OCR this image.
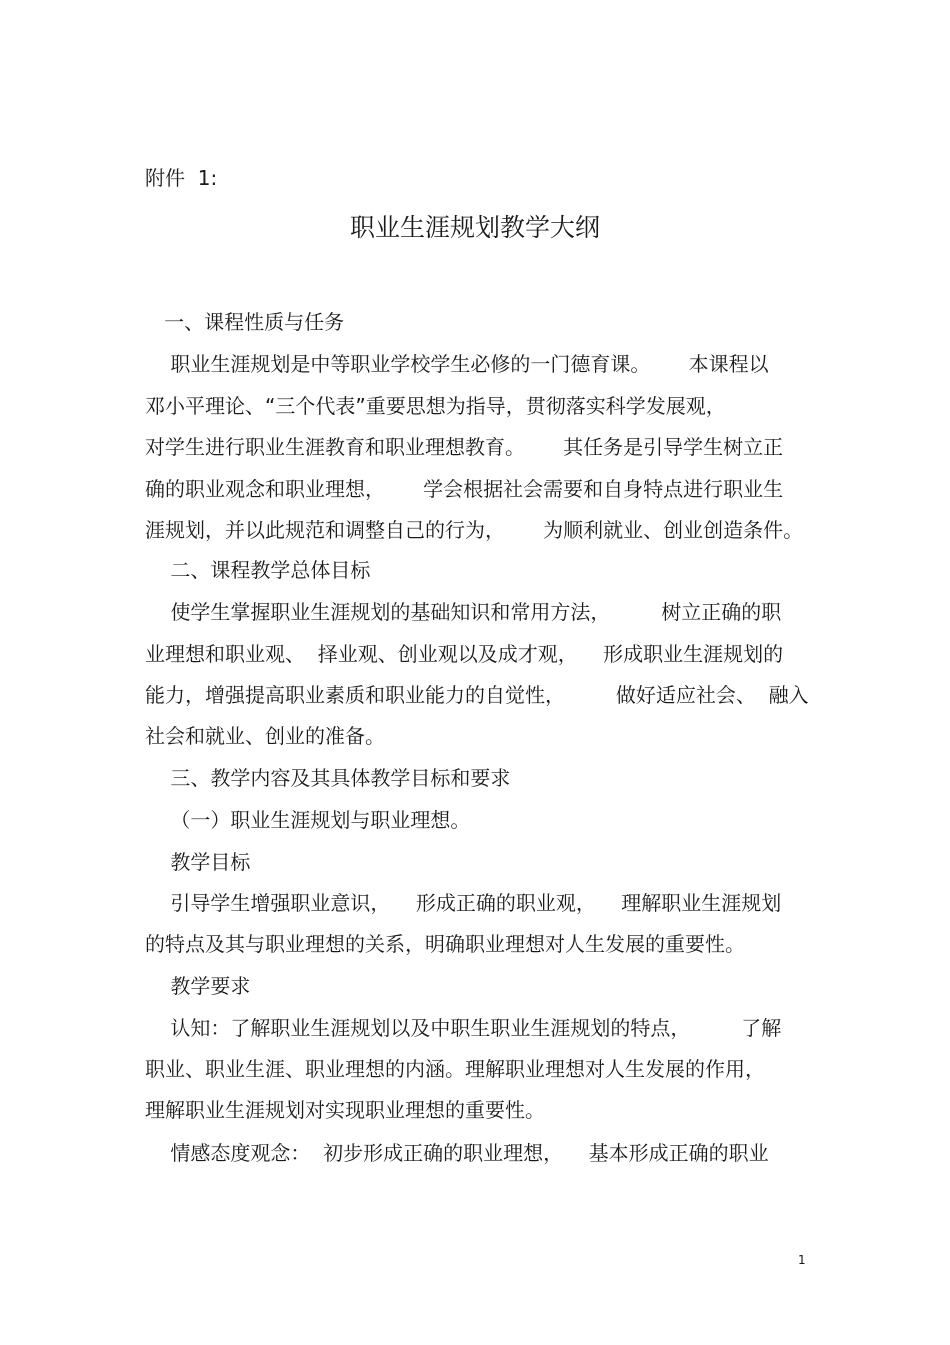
附件  1:
职业生涯规划教学大纲
一、课程性质与任务
职业生涯规划是中等职业学校学生必修的一门德育课。      本课程以
邓小平理论、“三个代表”重要思想为指导，贯彻落实科学发展观，
对学生进行职业生涯教育和职业理想教育。      其任务是引导学生树立正
确的职业观念和职业理想，      学会根据社会需要和自身特点进行职业生
涯规划，并以此规范和调整自己的行为，      为顺利就业、创业创造条件。
二、课程教学总体目标
使学生掌握职业生涯规划的基础知识和常用方法，        树立正确的职
业理想和职业观、  择业观、创业观以及成才观，    形成职业生涯规划的
能力，增强提高职业素质和职业能力的自觉性，        做好适应社会、  融入
社会和就业、创业的准备。
三、教学内容及其具体教学目标和要求
（一）职业生涯规划与职业理想。
教学目标
引导学生增强职业意识，    形成正确的职业观，    理解职业生涯规划
的特点及其与职业理想的关系，明确职业理想对人生发展的重要性。
教学要求
认知：了解职业生涯规划以及中职生职业生涯规划的特点，        了解
职业、职业生涯、职业理想的内涵。理解职业理想对人生发展的作用，
理解职业生涯规划对实现职业理想的重要性。
情感态度观念：  初步形成正确的职业理想，    基本形成正确的职业
1
